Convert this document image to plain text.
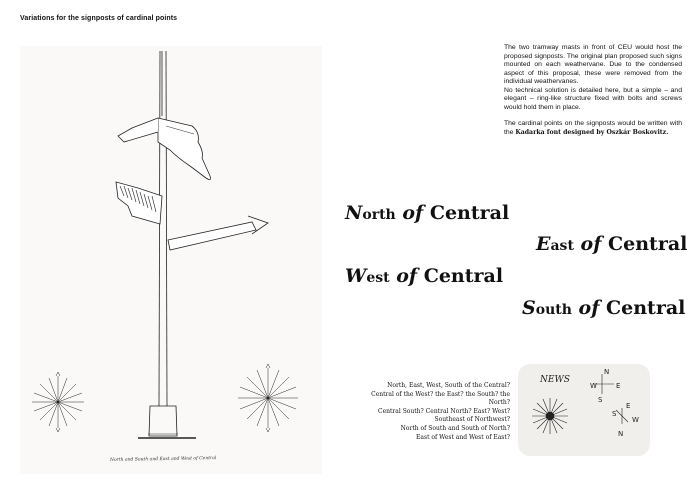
Variations for the signposts of cardinal points
North and South and East and West of Central

The two tramway masts in front of CEU would host the proposed signposts. The original plan proposed such signs mounted on each weathervane. Due to the condensed aspect of this proposal, these were removed from the individual weathervanes.
No technical solution is detailed here, but a simple – and elegant – ring-like structure fixed with bolts and screws would hold them in place.

The cardinal points on the signposts would be written with the Kadarka font designed by Oszkár Boskovitz.

North of Central
East of Central
West of Central
South of Central
North, East, West, South of the Central?
Central of the West? the East? the South? the North?
Central South? Central North? East? West?
Southeast of Northwest?
North of South and South of North?
East of West and West of East?
NEWS
N
W	E
S
S
E
W
N
